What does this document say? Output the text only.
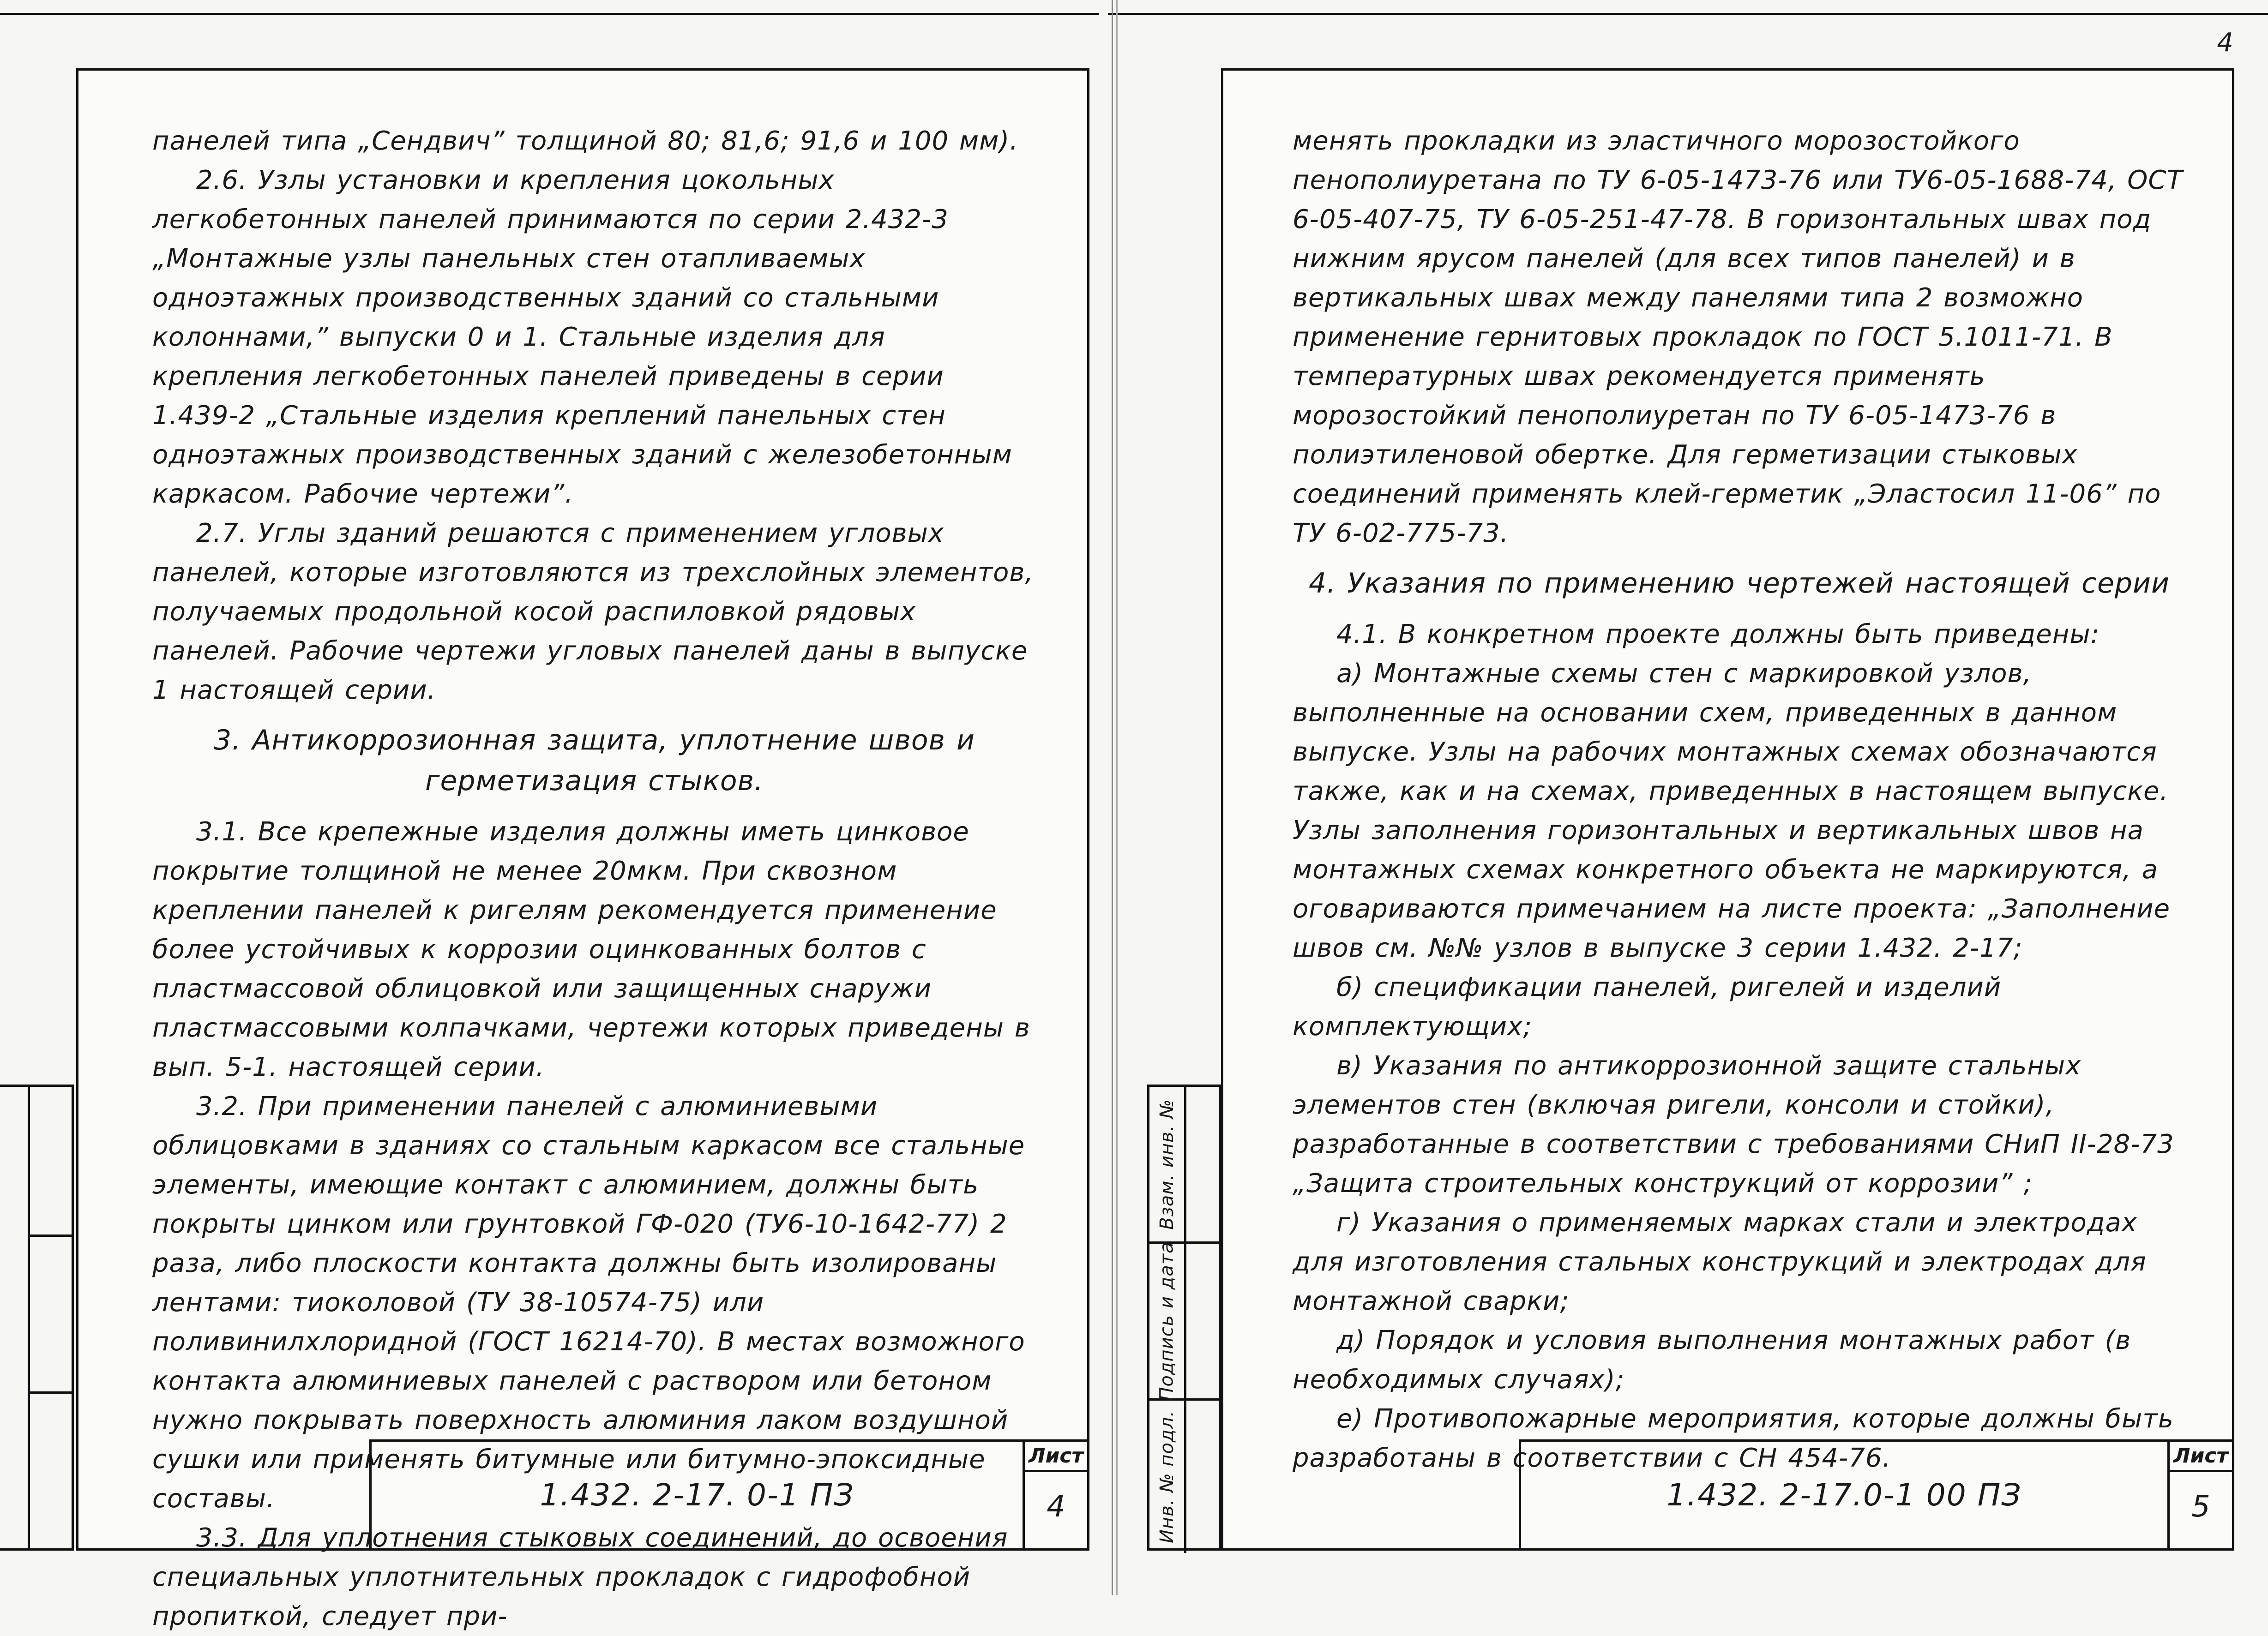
4

панелей типа „Сендвич” толщиной 80; 81,6; 91,6 и 100 мм).

2.6. Узлы установки и крепления цокольных легкобетонных панелей принимаются по серии 2.432-3 „Монтажные узлы панельных стен отапливаемых одноэтажных производственных зданий со стальными колоннами,” выпуски 0 и 1. Стальные изделия для крепления легкобетонных панелей приведены в серии 1.439-2 „Стальные изделия креплений панельных стен одноэтажных производственных зданий с железобетонным каркасом. Рабочие чертежи”.

2.7. Углы зданий решаются с применением угловых панелей, которые изготовляются из трехслойных элементов, получаемых продольной косой распиловкой рядовых панелей. Рабочие чертежи угловых панелей даны в выпуске 1 настоящей серии.

3. Антикоррозионная защита, уплотнение швов и герметизация стыков.

3.1. Все крепежные изделия должны иметь цинковое покрытие толщиной не менее 20мкм. При сквозном креплении панелей к ригелям рекомендуется применение более устойчивых к коррозии оцинкованных болтов с пластмассовой облицовкой или защищенных снаружи пластмассовыми колпачками, чертежи которых приведены в вып. 5-1. настоящей серии.

3.2. При применении панелей с алюминиевыми облицовками в зданиях со стальным каркасом все стальные элементы, имеющие контакт с алюминием, должны быть покрыты цинком или грунтовкой ГФ-020 (ТУ6-10-1642-77) 2 раза, либо плоскости контакта должны быть изолированы лентами: тиоколовой (ТУ 38-10574-75) или поливинилхлоридной (ГОСТ 16214-70). В местах возможного контакта алюминиевых панелей с раствором или бетоном нужно покрывать поверхность алюминия лаком воздушной сушки или применять битумные или битумно-эпоксидные составы.

3.3. Для уплотнения стыковых соединений, до освоения специальных уплотнительных прокладок с гидрофобной пропиткой, следует при-

1.432. 2-17. 0-1 ПЗ
Лист
4
Взам. инв. №
Подпись и дата
Инв. № подл.

менять прокладки из эластичного морозостойкого пенополиуретана по ТУ 6-05-1473-76 или ТУ6-05-1688-74, ОСТ 6-05-407-75, ТУ 6-05-251-47-78. В горизонтальных швах под нижним ярусом панелей (для всех типов панелей) и в вертикальных швах между панелями типа 2 возможно применение гернитовых прокладок по ГОСТ 5.1011-71. В температурных швах рекомендуется применять морозостойкий пенополиуретан по ТУ 6-05-1473-76 в полиэтиленовой обертке. Для герметизации стыковых соединений применять клей-герметик „Эластосил 11-06” по ТУ 6-02-775-73.

4. Указания по применению чертежей настоящей серии

4.1. В конкретном проекте должны быть приведены:

а) Монтажные схемы стен с маркировкой узлов, выполненные на основании схем, приведенных в данном выпуске. Узлы на рабочих монтажных схемах обозначаются также, как и на схемах, приведенных в настоящем выпуске. Узлы заполнения горизонтальных и вертикальных швов на монтажных схемах конкретного объекта не маркируются, а оговариваются примечанием на листе проекта: „Заполнение швов см. №№ узлов в выпуске 3 серии 1.432. 2-17;

б) спецификации панелей, ригелей и изделий комплектующих;

в) Указания по антикоррозионной защите стальных элементов стен (включая ригели, консоли и стойки), разработанные в соответствии с требованиями СНиП II-28-73 „Защита строительных конструкций от коррозии” ;

г) Указания о применяемых марках стали и электродах для изготовления стальных конструкций и электродах для монтажной сварки;

д) Порядок и условия выполнения монтажных работ (в необходимых случаях);

е) Противопожарные мероприятия, которые должны быть разработаны в соответствии с СН 454-76.

1.432. 2-17.0-1 00 ПЗ
Лист
5
